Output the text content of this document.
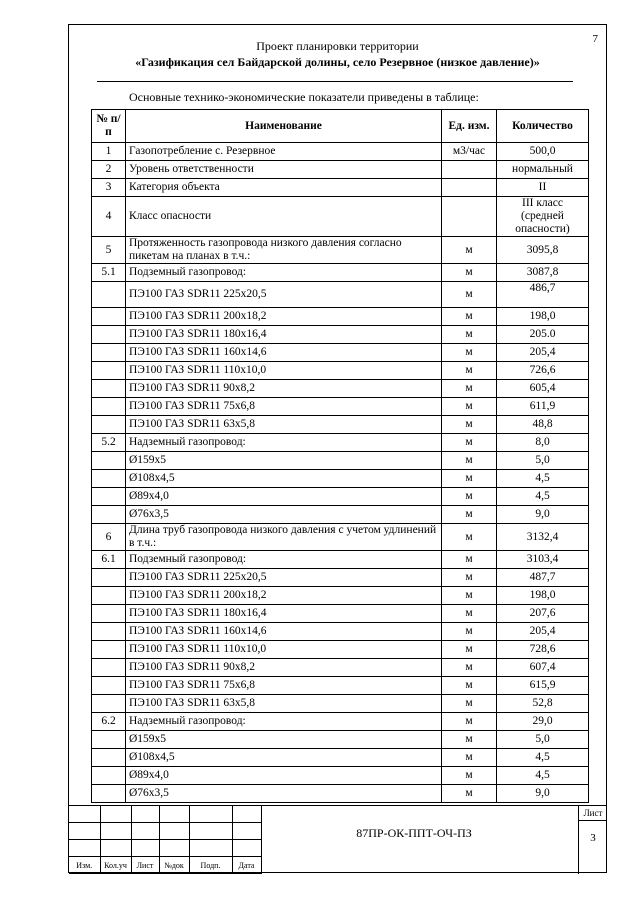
7
Проект планировки территории
«Газификация сел Байдарской долины, село Резервное (низкое давление)»
Основные технико-экономические показатели приведены в таблице:
№ п/п	Наименование	Ед. изм.	Количество
1	Газопотребление с. Резервное	м3/час	500,0
2	Уровень ответственности		нормальный
3	Категория объекта		II
4	Класс опасности		III класс (средней опасности)
5	Протяженность газопровода низкого давления согласно пикетам на планах в т.ч.:	м	3095,8
5.1	Подземный газопровод:	м	3087,8
	ПЭ100 ГАЗ SDR11 225x20,5	м	486,7
	ПЭ100 ГАЗ SDR11 200x18,2	м	198,0
	ПЭ100 ГАЗ SDR11 180x16,4	м	205.0
	ПЭ100 ГАЗ SDR11 160x14,6	м	205,4
	ПЭ100 ГАЗ SDR11 110x10,0	м	726,6
	ПЭ100 ГАЗ SDR11 90x8,2	м	605,4
	ПЭ100 ГАЗ SDR11 75x6,8	м	611,9
	ПЭ100 ГАЗ SDR11 63x5,8	м	48,8
5.2	Надземный газопровод:	м	8,0
	Ø159x5	м	5,0
	Ø108x4,5	м	4,5
	Ø89x4,0	м	4,5
	Ø76x3,5	м	9,0
6	Длина труб газопровода низкого давления с учетом удлинений в т.ч.:	м	3132,4
6.1	Подземный газопровод:	м	3103,4
	ПЭ100 ГАЗ SDR11 225x20,5	м	487,7
	ПЭ100 ГАЗ SDR11 200x18,2	м	198,0
	ПЭ100 ГАЗ SDR11 180x16,4	м	207,6
	ПЭ100 ГАЗ SDR11 160x14,6	м	205,4
	ПЭ100 ГАЗ SDR11 110x10,0	м	728,6
	ПЭ100 ГАЗ SDR11 90x8,2	м	607,4
	ПЭ100 ГАЗ SDR11 75x6,8	м	615,9
	ПЭ100 ГАЗ SDR11 63x5,8	м	52,8
6.2	Надземный газопровод:	м	29,0
	Ø159x5	м	5,0
	Ø108x4,5	м	4,5
	Ø89x4,0	м	4,5
	Ø76x3,5	м	9,0

Изм.	Кол.уч	Лист	№док	Подп.	Дата
87ПР-ОК-ППТ-ОЧ-ПЗ
Лист
3
